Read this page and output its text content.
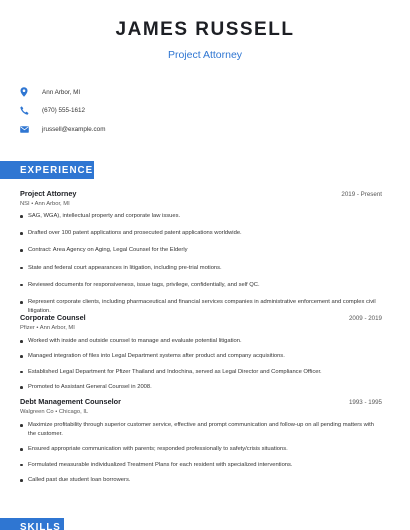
JAMES RUSSELL
Project Attorney
Ann Arbor, MI
(670) 555-1612
jrussell@example.com
EXPERIENCE
Project Attorney	2019 - Present
NSI • Ann Arbor, MI
SAG, WGA), intellectual property and corporate law issues.
Drafted over 100 patent applications and prosecuted patent applications worldwide.
Contract: Area Agency on Aging, Legal Counsel for the Elderly
State and federal court appearances in litigation, including pre-trial motions.
Reviewed documents for responsiveness, issue tags, privilege, confidentially, and self QC.
Represent corporate clients, including pharmaceutical and financial services companies in administrative enforcement and complex civil litigation.
Corporate Counsel	2009 - 2019
Pfizer • Ann Arbor, MI
Worked with inside and outside counsel to manage and evaluate potential litigation.
Managed integration of files into Legal Department systems after product and company acquisitions.
Established Legal Department for Pfizer Thailand and Indochina, served as Legal Director and Compliance Officer.
Promoted to Assistant General Counsel in 2008.
Debt Management Counselor	1993 - 1995
Walgreen Co • Chicago, IL
Maximize profitability through superior customer service, effective and prompt communication and follow-up on all pending matters with the customer.
Ensured appropriate communication with parents; responded professionally to safety/crisis situations.
Formulated measurable individualized Treatment Plans for each resident with specialized interventions.
Called past due student loan borrowers.
SKILLS
